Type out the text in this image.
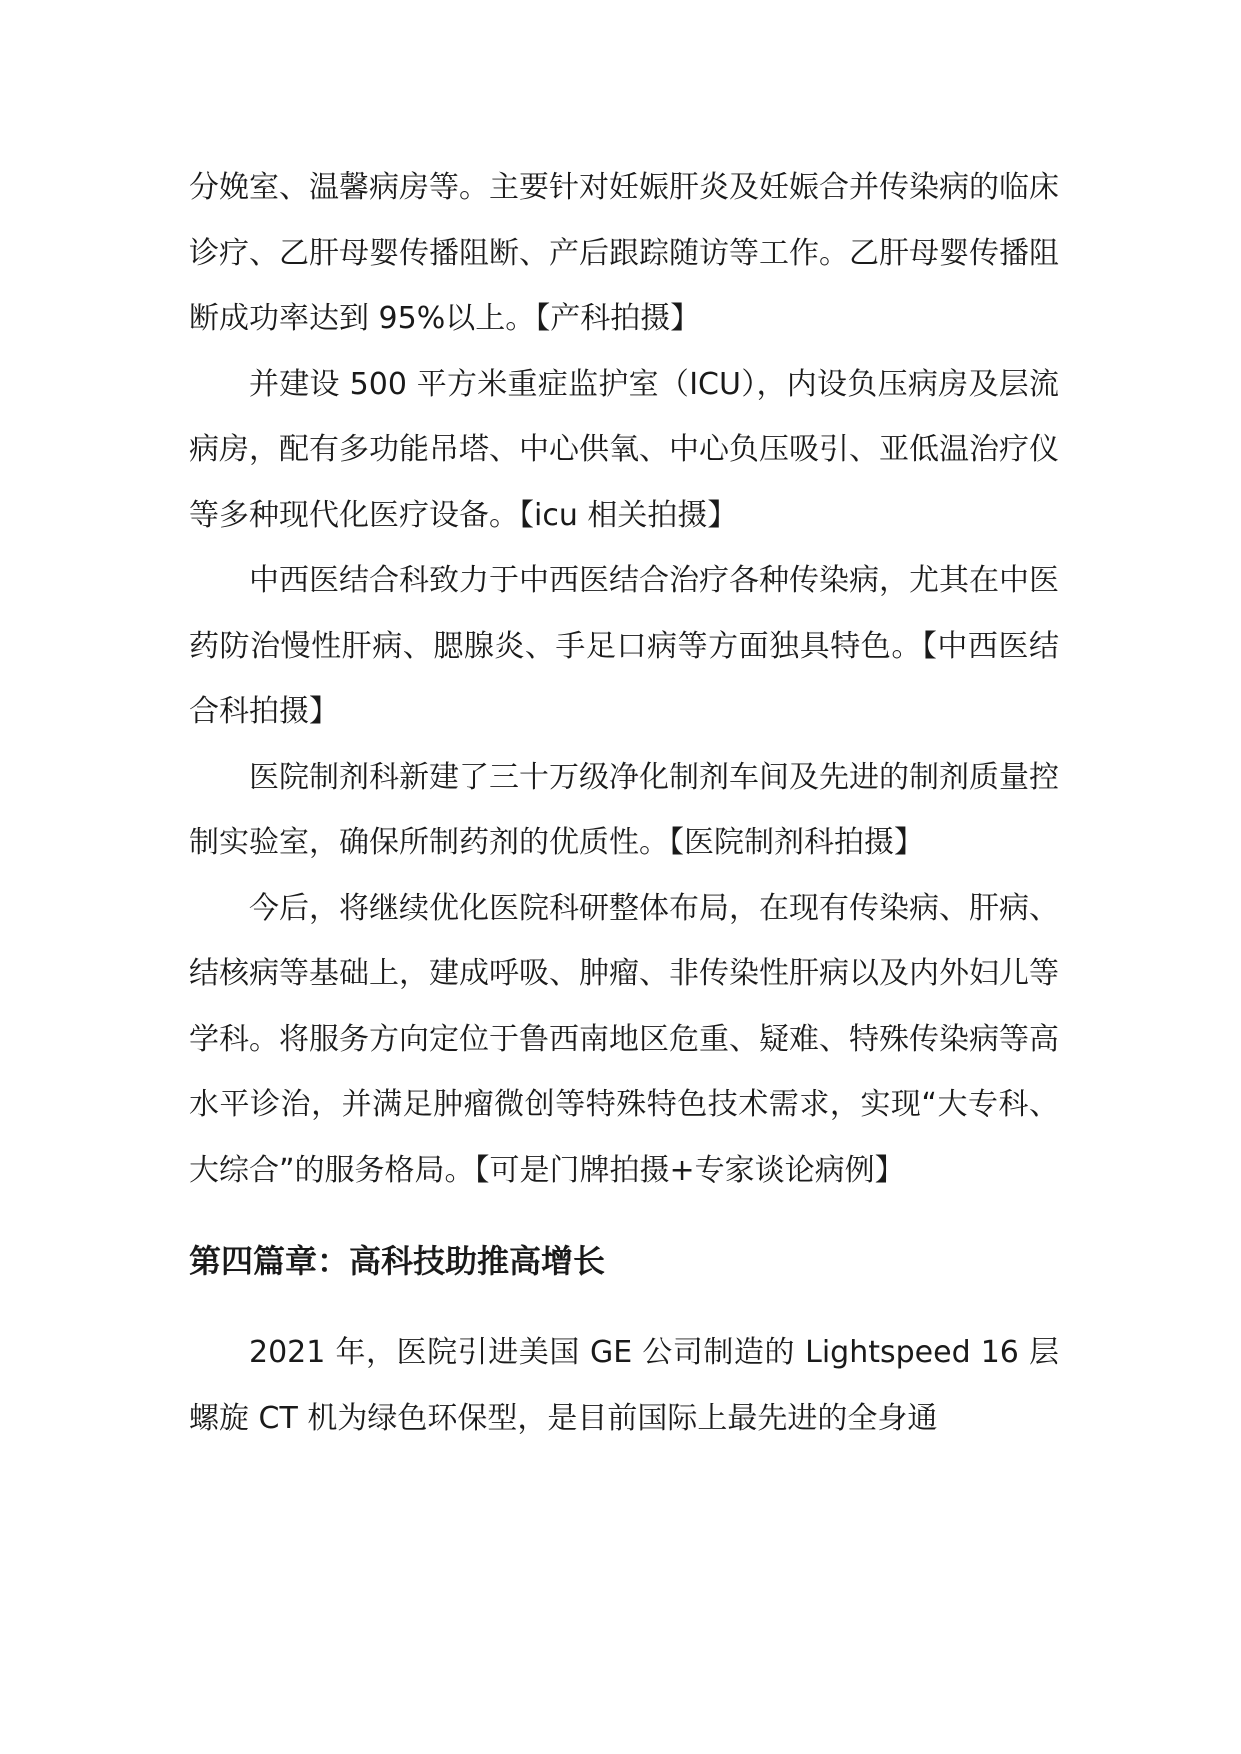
分娩室、温馨病房等。主要针对妊娠肝炎及妊娠合并传染病的临床诊疗、乙肝母婴传播阻断、产后跟踪随访等工作。乙肝母婴传播阻断成功率达到 95%以上。【产科拍摄】

并建设 500 平方米重症监护室（ICU），内设负压病房及层流病房，配有多功能吊塔、中心供氧、中心负压吸引、亚低温治疗仪等多种现代化医疗设备。【icu 相关拍摄】

中西医结合科致力于中西医结合治疗各种传染病，尤其在中医药防治慢性肝病、腮腺炎、手足口病等方面独具特色。【中西医结合科拍摄】

医院制剂科新建了三十万级净化制剂车间及先进的制剂质量控制实验室，确保所制药剂的优质性。【医院制剂科拍摄】

今后，将继续优化医院科研整体布局，在现有传染病、肝病、结核病等基础上，建成呼吸、肿瘤、非传染性肝病以及内外妇儿等学科。将服务方向定位于鲁西南地区危重、疑难、特殊传染病等高水平诊治，并满足肿瘤微创等特殊特色技术需求，实现“大专科、大综合”的服务格局。【可是门牌拍摄+专家谈论病例】

第四篇章：高科技助推高增长

2021 年，医院引进美国 GE 公司制造的 Lightspeed 16 层螺旋 CT 机为绿色环保型，是目前国际上最先进的全身通
